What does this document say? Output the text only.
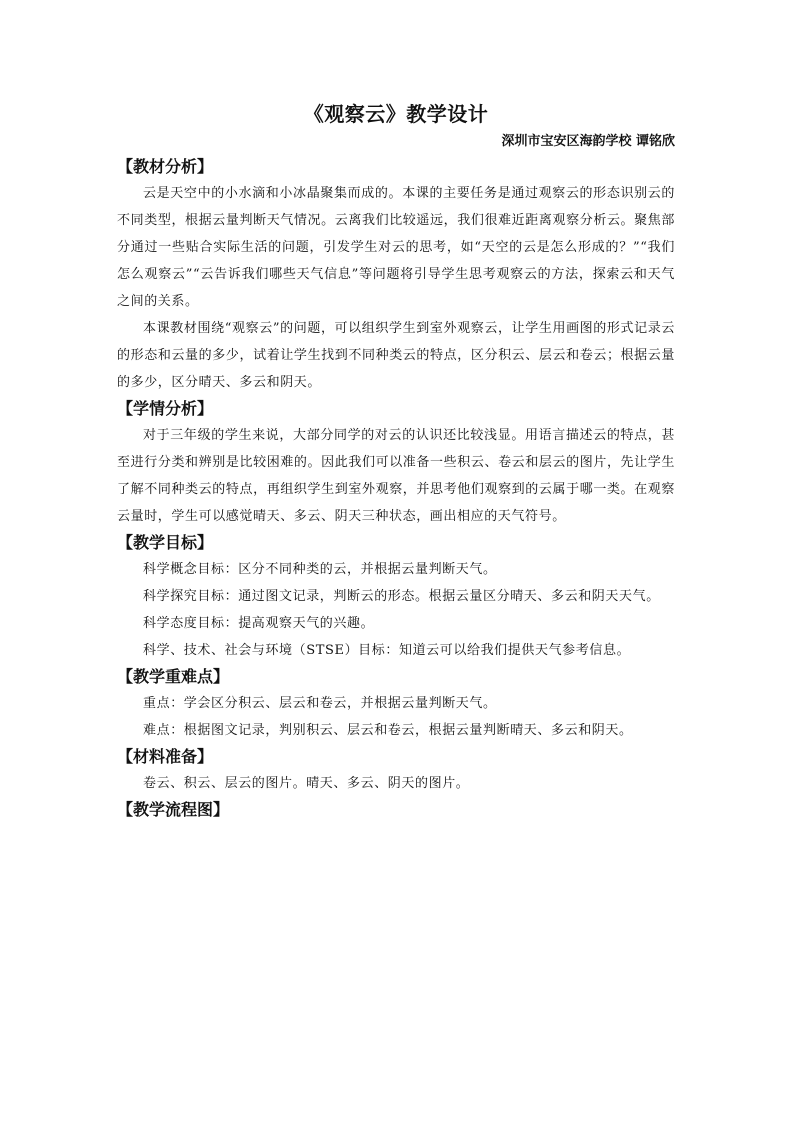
《观察云》教学设计
深圳市宝安区海韵学校 谭铭欣
【教材分析】

云是天空中的小水滴和小冰晶聚集而成的。本课的主要任务是通过观察云的形态识别云的不同类型，根据云量判断天气情况。云离我们比较遥远，我们很难近距离观察分析云。聚焦部分通过一些贴合实际生活的问题，引发学生对云的思考，如“天空的云是怎么形成的？”“我们怎么观察云”“云告诉我们哪些天气信息”等问题将引导学生思考观察云的方法，探索云和天气之间的关系。

本课教材围绕“观察云”的问题，可以组织学生到室外观察云，让学生用画图的形式记录云的形态和云量的多少，试着让学生找到不同种类云的特点，区分积云、层云和卷云；根据云量的多少，区分晴天、多云和阴天。

【学情分析】

对于三年级的学生来说，大部分同学的对云的认识还比较浅显。用语言描述云的特点，甚至进行分类和辨别是比较困难的。因此我们可以准备一些积云、卷云和层云的图片，先让学生了解不同种类云的特点，再组织学生到室外观察，并思考他们观察到的云属于哪一类。在观察云量时，学生可以感觉晴天、多云、阴天三种状态，画出相应的天气符号。

【教学目标】

科学概念目标：区分不同种类的云，并根据云量判断天气。

科学探究目标：通过图文记录，判断云的形态。根据云量区分晴天、多云和阴天天气。

科学态度目标：提高观察天气的兴趣。

科学、技术、社会与环境（STSE）目标：知道云可以给我们提供天气参考信息。

【教学重难点】

重点：学会区分积云、层云和卷云，并根据云量判断天气。

难点：根据图文记录，判别积云、层云和卷云，根据云量判断晴天、多云和阴天。

【材料准备】

卷云、积云、层云的图片。晴天、多云、阴天的图片。

【教学流程图】
